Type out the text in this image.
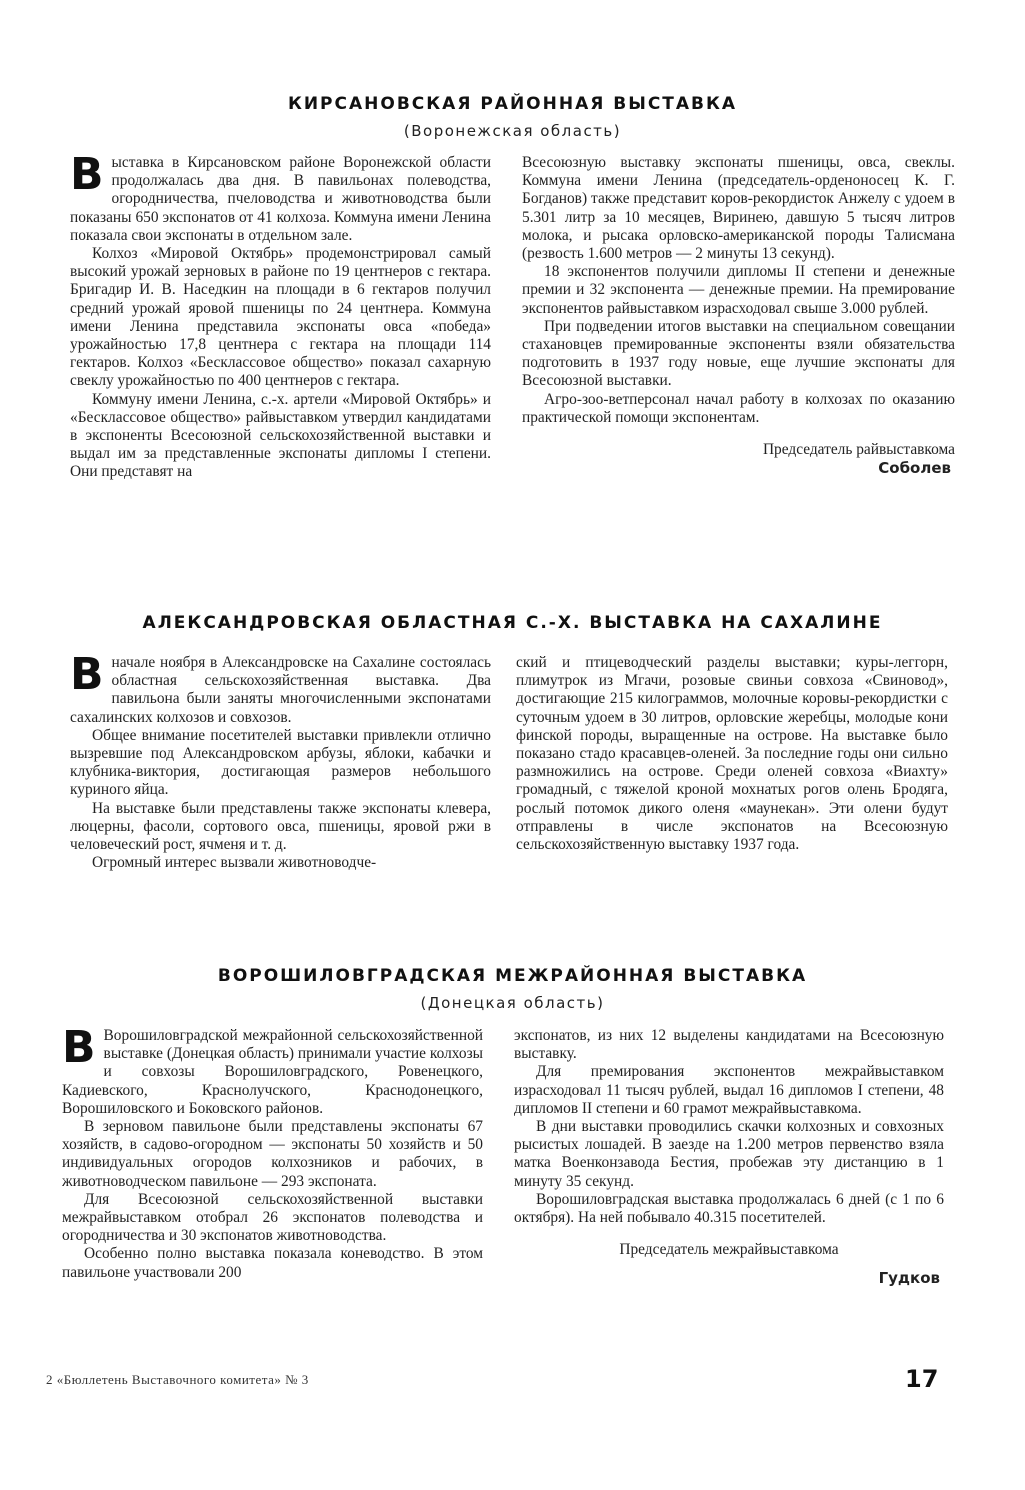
КИРСАНОВСКАЯ РАЙОННАЯ ВЫСТАВКА
(Воронежская область)

Выставка в Кирсановском районе Воронежской области продолжалась два дня. В павильонах полеводства, огородничества, пчеловодства и животноводства были показаны 650 экспонатов от 41 колхоза. Коммуна имени Ленина показала свои экспонаты в отдельном зале.

Колхоз «Мировой Октябрь» продемонстрировал самый высокий урожай зерновых в районе по 19 центнеров с гектара. Бригадир И. В. Наседкин на площади в 6 гектаров получил средний урожай яровой пшеницы по 24 центнера. Коммуна имени Ленина представила экспонаты овса «победа» урожайностью 17,8 центнера с гектара на площади 114 гектаров. Колхоз «Бесклассовое общество» показал сахарную свеклу урожайностью по 400 центнеров с гектара.

Коммуну имени Ленина, с.-х. артели «Мировой Октябрь» и «Бесклассовое общество» райвыставком утвердил кандидатами в экспоненты Всесоюзной сельскохозяйственной выставки и выдал им за представленные экспонаты дипломы I степени. Они представят на

Всесоюзную выставку экспонаты пшеницы, овса, свеклы. Коммуна имени Ленина (председатель-орденоносец К. Г. Богданов) также представит коров-рекордисток Анжелу с удоем в 5.301 литр за 10 месяцев, Виринею, давшую 5 тысяч литров молока, и рысака орловско-американской породы Талисмана (резвость 1.600 метров — 2 минуты 13 секунд).

18 экспонентов получили дипломы II степени и денежные премии и 32 экспонента — денежные премии. На премирование экспонентов райвыставком израсходовал свыше 3.000 рублей.

При подведении итогов выставки на специальном совещании стахановцев премированные экспоненты взяли обязательства подготовить в 1937 году новые, еще лучшие экспонаты для Всесоюзной выставки.

Агро-зоо-ветперсонал начал работу в колхозах по оказанию практической помощи экспонентам.

Председатель райвыставкома

Соболев

АЛЕКСАНДРОВСКАЯ ОБЛАСТНАЯ С.-Х. ВЫСТАВКА НА САХАЛИНЕ

Вначале ноября в Александровске на Сахалине состоялась областная сельскохозяйственная выставка. Два павильона были заняты многочисленными экспонатами сахалинских колхозов и совхозов.

Общее внимание посетителей выставки привлекли отлично вызревшие под Александровском арбузы, яблоки, кабачки и клубника-виктория, достигающая размеров небольшого куриного яйца.

На выставке были представлены также экспонаты клевера, люцерны, фасоли, сортового овса, пшеницы, яровой ржи в человеческий рост, ячменя и т. д.

Огромный интерес вызвали животноводче-

ский и птицеводческий разделы выставки; куры-леггорн, плимутрок из Мгачи, розовые свиньи совхоза «Свиновод», достигающие 215 килограммов, молочные коровы-рекордистки с суточным удоем в 30 литров, орловские жеребцы, молодые кони финской породы, выращенные на острове. На выставке было показано стадо красавцев-оленей. За последние годы они сильно размножились на острове. Среди оленей совхоза «Виахту» громадный, с тяжелой кроной мохнатых рогов олень Бродяга, рослый потомок дикого оленя «маунекан». Эти олени будут отправлены в числе экспонатов на Всесоюзную сельскохозяйственную выставку 1937 года.

ВОРОШИЛОВГРАДСКАЯ МЕЖРАЙОННАЯ ВЫСТАВКА
(Донецкая область)

В Ворошиловградской межрайонной сельскохозяйственной выставке (Донецкая область) принимали участие колхозы и совхозы Ворошиловградского, Ровенецкого, Кадиевского, Краснолучского, Краснодонецкого, Ворошиловского и Боковского районов.

В зерновом павильоне были представлены экспонаты 67 хозяйств, в садово-огородном — экспонаты 50 хозяйств и 50 индивидуальных огородов колхозников и рабочих, в животноводческом павильоне — 293 экспоната.

Для Всесоюзной сельскохозяйственной выставки межрайвыставком отобрал 26 экспонатов полеводства и огородничества и 30 экспонатов животноводства.

Особенно полно выставка показала коневодство. В этом павильоне участвовали 200

экспонатов, из них 12 выделены кандидатами на Всесоюзную выставку.

Для премирования экспонентов межрайвыставком израсходовал 11 тысяч рублей, выдал 16 дипломов I степени, 48 дипломов II степени и 60 грамот межрайвыставкома.

В дни выставки проводились скачки колхозных и совхозных рысистых лошадей. В заезде на 1.200 метров первенство взяла матка Военконзавода Бестия, пробежав эту дистанцию в 1 минуту 35 секунд.

Ворошиловградская выставка продолжалась 6 дней (с 1 по 6 октября). На ней побывало 40.315 посетителей.

Председатель межрайвыставкома

Гудков

2 «Бюллетень Выставочного комитета» № 3	17
